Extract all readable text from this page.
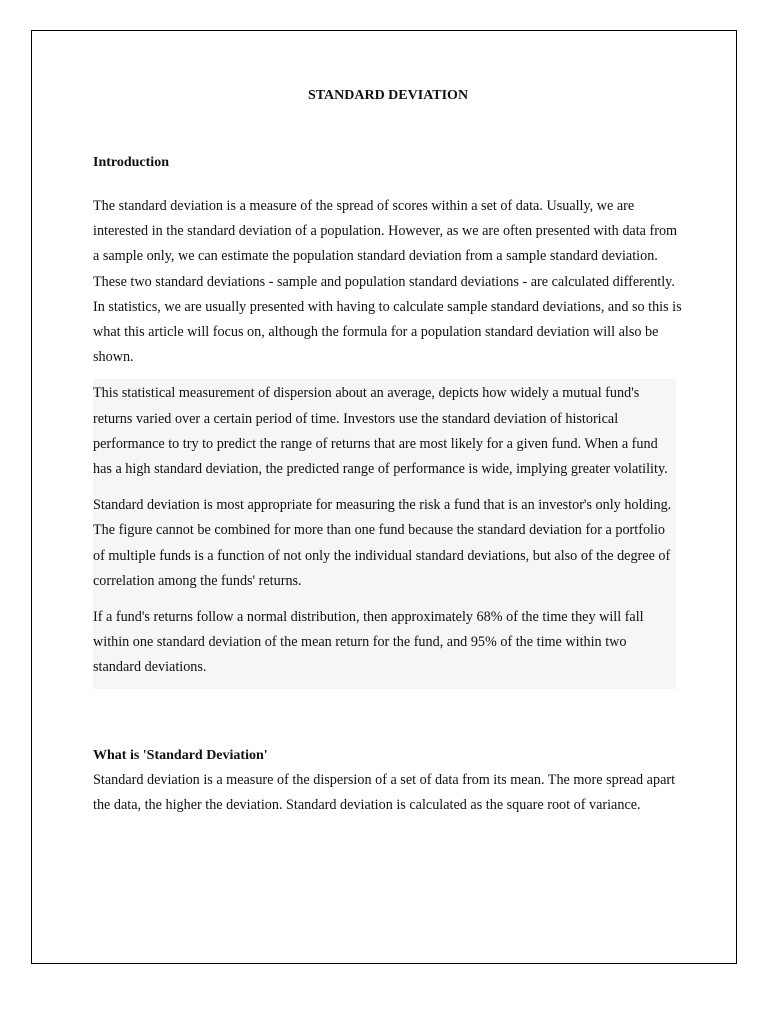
STANDARD DEVIATION
Introduction

The standard deviation is a measure of the spread of scores within a set of data. Usually, we are interested in the standard deviation of a population. However, as we are often presented with data from a sample only, we can estimate the population standard deviation from a sample standard deviation. These two standard deviations - sample and population standard deviations - are calculated differently. In statistics, we are usually presented with having to calculate sample standard deviations, and so this is what this article will focus on, although the formula for a population standard deviation will also be shown.

This statistical measurement of dispersion about an average, depicts how widely a mutual fund's returns varied over a certain period of time. Investors use the standard deviation of historical performance to try to predict the range of returns that are most likely for a given fund. When a fund has a high standard deviation, the predicted range of performance is wide, implying greater volatility.

Standard deviation is most appropriate for measuring the risk a fund that is an investor's only holding. The figure cannot be combined for more than one fund because the standard deviation for a portfolio of multiple funds is a function of not only the individual standard deviations, but also of the degree of correlation among the funds' returns.

If a fund's returns follow a normal distribution, then approximately 68% of the time they will fall within one standard deviation of the mean return for the fund, and 95% of the time within two standard deviations.

What is 'Standard Deviation'

Standard deviation is a measure of the dispersion of a set of data from its mean. The more spread apart the data, the higher the deviation. Standard deviation is calculated as the square root of variance.
